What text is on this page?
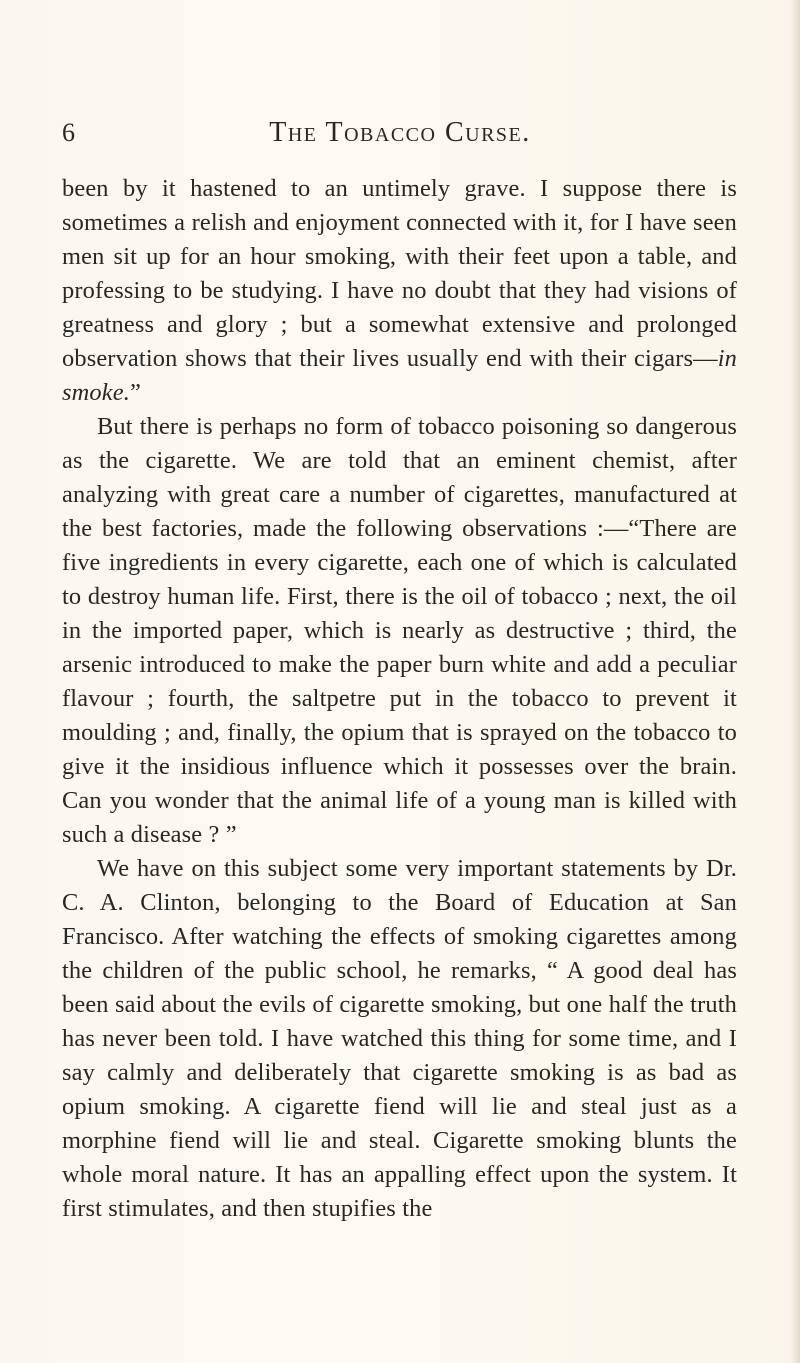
6	The Tobacco Curse.

been by it hastened to an untimely grave. I suppose there is sometimes a relish and enjoyment connected with it, for I have seen men sit up for an hour smoking, with their feet upon a table, and professing to be studying. I have no doubt that they had visions of greatness and glory ; but a somewhat extensive and prolonged observation shows that their lives usually end with their cigars—in smoke.”

But there is perhaps no form of tobacco poisoning so dangerous as the cigarette. We are told that an eminent chemist, after analyzing with great care a number of cigarettes, manufactured at the best factories, made the following observations :—“There are five ingredients in every cigarette, each one of which is calculated to destroy human life. First, there is the oil of tobacco ; next, the oil in the imported paper, which is nearly as destructive ; third, the arsenic introduced to make the paper burn white and add a peculiar flavour ; fourth, the saltpetre put in the tobacco to prevent it moulding ; and, finally, the opium that is sprayed on the tobacco to give it the insidious influence which it possesses over the brain. Can you wonder that the animal life of a young man is killed with such a disease ? ”

We have on this subject some very important statements by Dr. C. A. Clinton, belonging to the Board of Education at San Francisco. After watching the effects of smoking cigarettes among the children of the public school, he remarks, “ A good deal has been said about the evils of cigarette smoking, but one half the truth has never been told. I have watched this thing for some time, and I say calmly and deliberately that cigarette smoking is as bad as opium smoking. A cigarette fiend will lie and steal just as a morphine fiend will lie and steal. Cigarette smoking blunts the whole moral nature. It has an appalling effect upon the system. It first stimulates, and then stupifies the
